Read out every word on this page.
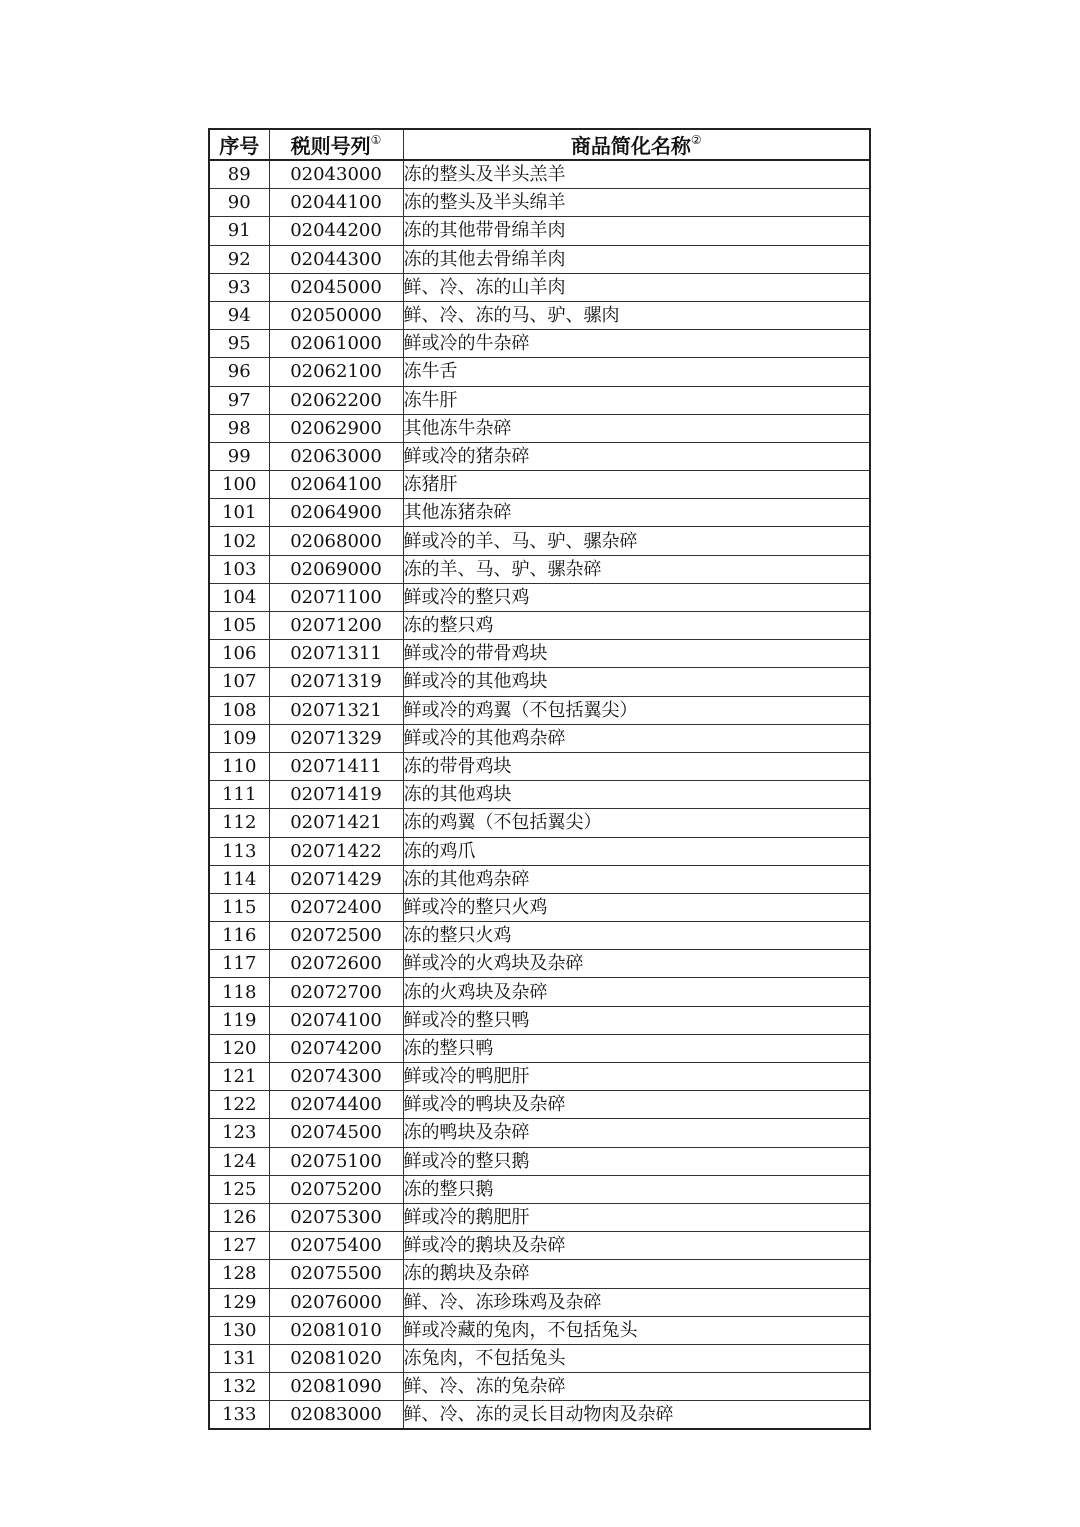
序号	税则号列①	商品简化名称②
89	02043000	冻的整头及半头羔羊
90	02044100	冻的整头及半头绵羊
91	02044200	冻的其他带骨绵羊肉
92	02044300	冻的其他去骨绵羊肉
93	02045000	鲜、冷、冻的山羊肉
94	02050000	鲜、冷、冻的马、驴、骡肉
95	02061000	鲜或冷的牛杂碎
96	02062100	冻牛舌
97	02062200	冻牛肝
98	02062900	其他冻牛杂碎
99	02063000	鲜或冷的猪杂碎
100	02064100	冻猪肝
101	02064900	其他冻猪杂碎
102	02068000	鲜或冷的羊、马、驴、骡杂碎
103	02069000	冻的羊、马、驴、骡杂碎
104	02071100	鲜或冷的整只鸡
105	02071200	冻的整只鸡
106	02071311	鲜或冷的带骨鸡块
107	02071319	鲜或冷的其他鸡块
108	02071321	鲜或冷的鸡翼（不包括翼尖）
109	02071329	鲜或冷的其他鸡杂碎
110	02071411	冻的带骨鸡块
111	02071419	冻的其他鸡块
112	02071421	冻的鸡翼（不包括翼尖）
113	02071422	冻的鸡爪
114	02071429	冻的其他鸡杂碎
115	02072400	鲜或冷的整只火鸡
116	02072500	冻的整只火鸡
117	02072600	鲜或冷的火鸡块及杂碎
118	02072700	冻的火鸡块及杂碎
119	02074100	鲜或冷的整只鸭
120	02074200	冻的整只鸭
121	02074300	鲜或冷的鸭肥肝
122	02074400	鲜或冷的鸭块及杂碎
123	02074500	冻的鸭块及杂碎
124	02075100	鲜或冷的整只鹅
125	02075200	冻的整只鹅
126	02075300	鲜或冷的鹅肥肝
127	02075400	鲜或冷的鹅块及杂碎
128	02075500	冻的鹅块及杂碎
129	02076000	鲜、冷、冻珍珠鸡及杂碎
130	02081010	鲜或冷藏的兔肉，不包括兔头
131	02081020	冻兔肉，不包括兔头
132	02081090	鲜、冷、冻的兔杂碎
133	02083000	鲜、冷、冻的灵长目动物肉及杂碎
